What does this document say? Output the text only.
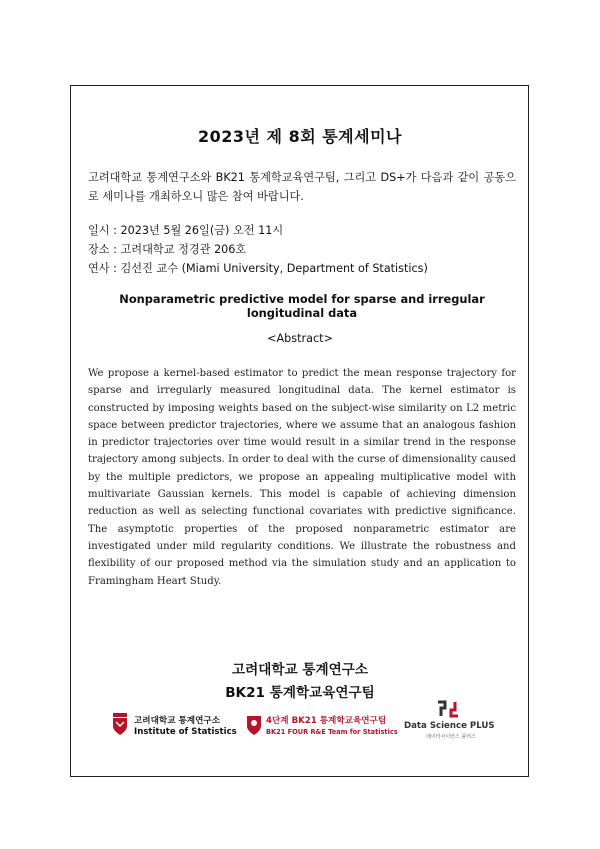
2023년 제 8회 통계세미나
고려대학교 통계연구소와 BK21 통계학교육연구팀, 그리고 DS+가 다음과 같이 공동으로 세미나를 개최하오니 많은 참여 바랍니다.
일시 : 2023년 5월 26일(금) 오전 11시
장소 : 고려대학교 정경관 206호
연사 : 김선진 교수 (Miami University, Department of Statistics)
Nonparametric predictive model for sparse and irregular longitudinal data
<Abstract>
We propose a kernel-based estimator to predict the mean response trajectory for sparse and irregularly measured longitudinal data. The kernel estimator is constructed by imposing weights based on the subject-wise similarity on L2 metric space between predictor trajectories, where we assume that an analogous fashion in predictor trajectories over time would result in a similar trend in the response trajectory among subjects. In order to deal with the curse of dimensionality caused by the multiple predictors, we propose an appealing multiplicative model with multivariate Gaussian kernels. This model is capable of achieving dimension reduction as well as selecting functional covariates with predictive significance. The asymptotic properties of the proposed nonparametric estimator are investigated under mild regularity conditions. We illustrate the robustness and flexibility of our proposed method via the simulation study and an application to Framingham Heart Study.
고려대학교 통계연구소
BK21 통계학교육연구팀
고려대학교 통계연구소
Institute of Statistics
4단계 BK21 통계학교육연구팀
BK21 FOUR R&E Team for Statistics
Data Science PLUS
데이터사이언스 플러스
